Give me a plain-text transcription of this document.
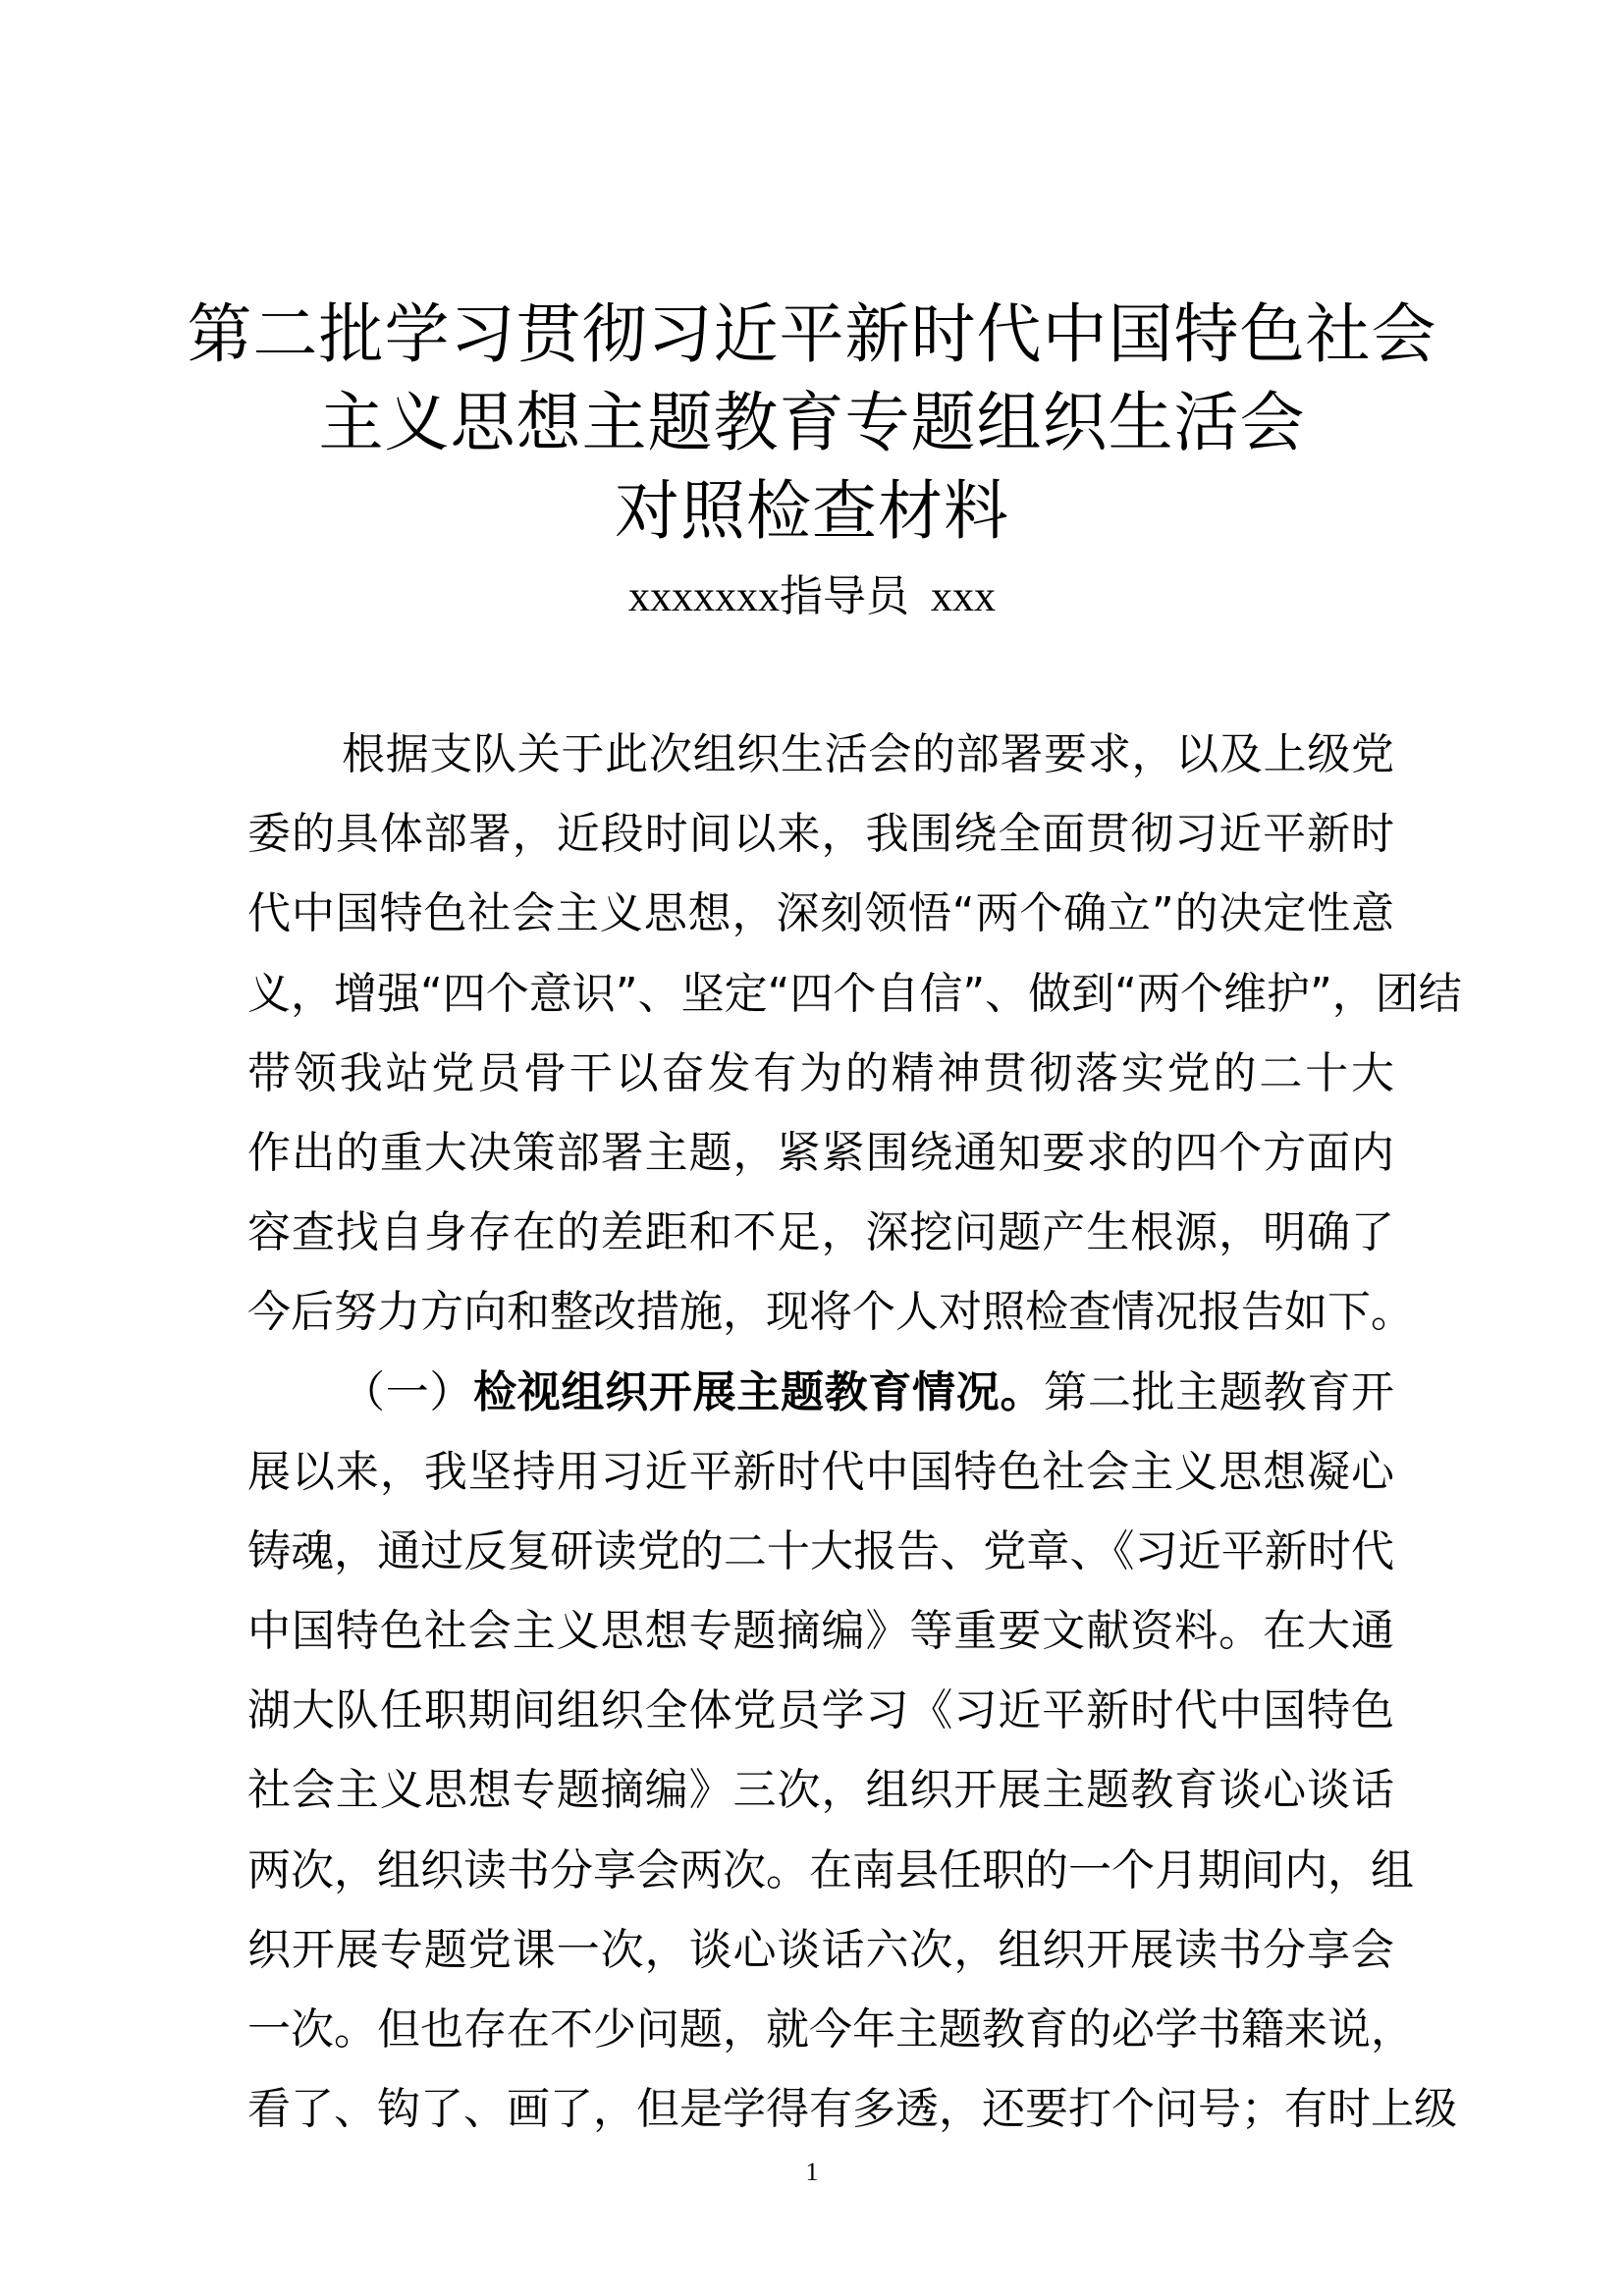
第二批学习贯彻习近平新时代中国特色社会
主义思想主题教育专题组织生活会
对照检查材料
xxxxxxx指导员 xxx
根据支队关于此次组织生活会的部署要求，以及上级党
委的具体部署，近段时间以来，我围绕全面贯彻习近平新时
代中国特色社会主义思想，深刻领悟“两个确立”的决定性意
义，增强“四个意识”、坚定“四个自信”、做到“两个维护”，团结
带领我站党员骨干以奋发有为的精神贯彻落实党的二十大
作出的重大决策部署主题，紧紧围绕通知要求的四个方面内
容查找自身存在的差距和不足，深挖问题产生根源，明确了
今后努力方向和整改措施，现将个人对照检查情况报告如下。
（一）检视组织开展主题教育情况。第二批主题教育开
展以来，我坚持用习近平新时代中国特色社会主义思想凝心
铸魂，通过反复研读党的二十大报告、党章、《习近平新时代
中国特色社会主义思想专题摘编》等重要文献资料。在大通
湖大队任职期间组织全体党员学习《习近平新时代中国特色
社会主义思想专题摘编》三次，组织开展主题教育谈心谈话
两次，组织读书分享会两次。在南县任职的一个月期间内，组
织开展专题党课一次，谈心谈话六次，组织开展读书分享会
一次。但也存在不少问题，就今年主题教育的必学书籍来说，
看了、钩了、画了，但是学得有多透，还要打个问号；有时上级
1
